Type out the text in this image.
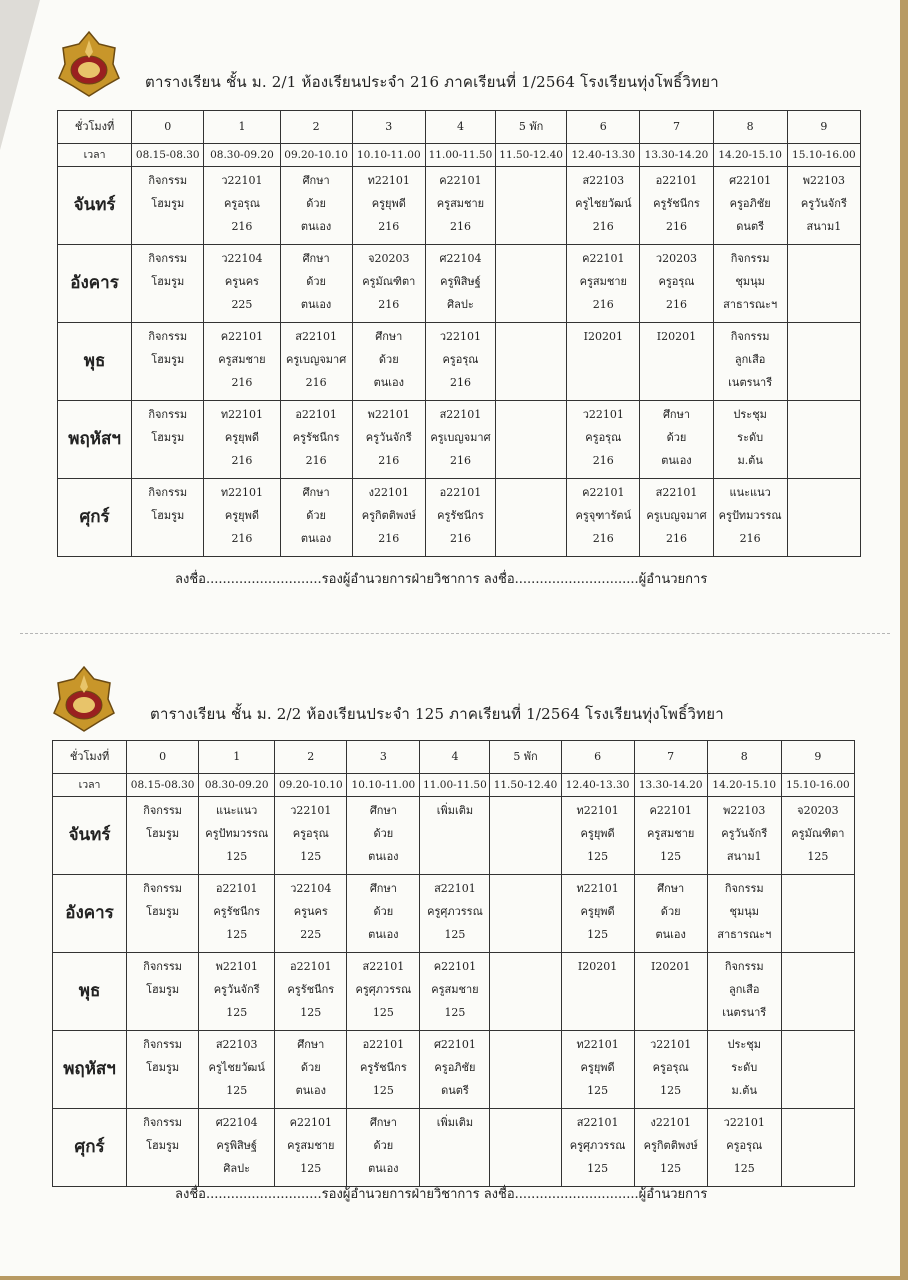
ตารางเรียน ชั้น ม. 2/1 ห้องเรียนประจำ 216 ภาคเรียนที่ 1/2564 โรงเรียนทุ่งโพธิ์วิทยา
ชั่วโมงที่	0	1	2	3	4	5 พัก	6	7	8	9
เวลา	08.15-08.30	08.30-09.20	09.20-10.10	10.10-11.00	11.00-11.50	11.50-12.40	12.40-13.30	13.30-14.20	14.20-15.10	15.10-16.00
จันทร์	กิจกรรม
โฮมรูม	ว22101
ครูอรุณ
216	ศึกษา
ด้วย
ตนเอง	ท22101
ครูยุพดี
216	ค22101
ครูสมชาย
216		ส22103
ครูไชยวัฒน์
216	อ22101
ครูรัชนีกร
216	ศ22101
ครูอภิชัย
ดนตรี	พ22103
ครูวันจักรี
สนาม1

อังคาร	กิจกรรม
โฮมรูม	ว22104
ครูนคร
225	ศึกษา
ด้วย
ตนเอง	จ20203
ครูมัณฑิตา
216	ศ22104
ครูพิสิษฐ์
ศิลปะ		ค22101
ครูสมชาย
216	ว20203
ครูอรุณ
216	กิจกรรม
ชุมนุม
สาธารณะฯ	

พุธ	กิจกรรม
โฮมรูม	ค22101
ครูสมชาย
216	ส22101
ครูเบญจมาศ
216	ศึกษา
ด้วย
ตนเอง	ว22101
ครูอรุณ
216		I20201	I20201	กิจกรรม
ลูกเสือ
เนตรนารี	

พฤหัสฯ	กิจกรรม
โฮมรูม	ท22101
ครูยุพดี
216	อ22101
ครูรัชนีกร
216	พ22101
ครูวันจักรี
216	ส22101
ครูเบญจมาศ
216		ว22101
ครูอรุณ
216	ศึกษา
ด้วย
ตนเอง	ประชุม
ระดับ
ม.ต้น	

ศุกร์	กิจกรรม
โฮมรูม	ท22101
ครูยุพดี
216	ศึกษา
ด้วย
ตนเอง	ง22101
ครูกิตติพงษ์
216	อ22101
ครูรัชนีกร
216		ค22101
ครูจุฑารัตน์
216	ส22101
ครูเบญจมาศ
216	แนะแนว
ครูปัทมวรรณ
216	

ลงชื่อ............................รองผู้อำนวยการฝ่ายวิชาการ ลงชื่อ..............................ผู้อำนวยการ
ตารางเรียน ชั้น ม. 2/2 ห้องเรียนประจำ 125 ภาคเรียนที่ 1/2564 โรงเรียนทุ่งโพธิ์วิทยา
ชั่วโมงที่	0	1	2	3	4	5 พัก	6	7	8	9
เวลา	08.15-08.30	08.30-09.20	09.20-10.10	10.10-11.00	11.00-11.50	11.50-12.40	12.40-13.30	13.30-14.20	14.20-15.10	15.10-16.00
จันทร์	กิจกรรม
โฮมรูม	แนะแนว
ครูปัทมวรรณ
125	ว22101
ครูอรุณ
125	ศึกษา
ด้วย
ตนเอง	เพิ่มเติม		ท22101
ครูยุพดี
125	ค22101
ครูสมชาย
125	พ22103
ครูวันจักรี
สนาม1	จ20203
ครูมัณฑิตา
125

อังคาร	กิจกรรม
โฮมรูม	อ22101
ครูรัชนีกร
125	ว22104
ครูนคร
225	ศึกษา
ด้วย
ตนเอง	ส22101
ครูศุภวรรณ
125		ท22101
ครูยุพดี
125	ศึกษา
ด้วย
ตนเอง	กิจกรรม
ชุมนุม
สาธารณะฯ	

พุธ	กิจกรรม
โฮมรูม	พ22101
ครูวันจักรี
125	อ22101
ครูรัชนีกร
125	ส22101
ครูศุภวรรณ
125	ค22101
ครูสมชาย
125		I20201	I20201	กิจกรรม
ลูกเสือ
เนตรนารี	

พฤหัสฯ	กิจกรรม
โฮมรูม	ส22103
ครูไชยวัฒน์
125	ศึกษา
ด้วย
ตนเอง	อ22101
ครูรัชนีกร
125	ศ22101
ครูอภิชัย
ดนตรี		ท22101
ครูยุพดี
125	ว22101
ครูอรุณ
125	ประชุม
ระดับ
ม.ต้น	

ศุกร์	กิจกรรม
โฮมรูม	ศ22104
ครูพิสิษฐ์
ศิลปะ	ค22101
ครูสมชาย
125	ศึกษา
ด้วย
ตนเอง	เพิ่มเติม		ส22101
ครูศุภวรรณ
125	ง22101
ครูกิตติพงษ์
125	ว22101
ครูอรุณ
125	

ลงชื่อ............................รองผู้อำนวยการฝ่ายวิชาการ ลงชื่อ..............................ผู้อำนวยการ
